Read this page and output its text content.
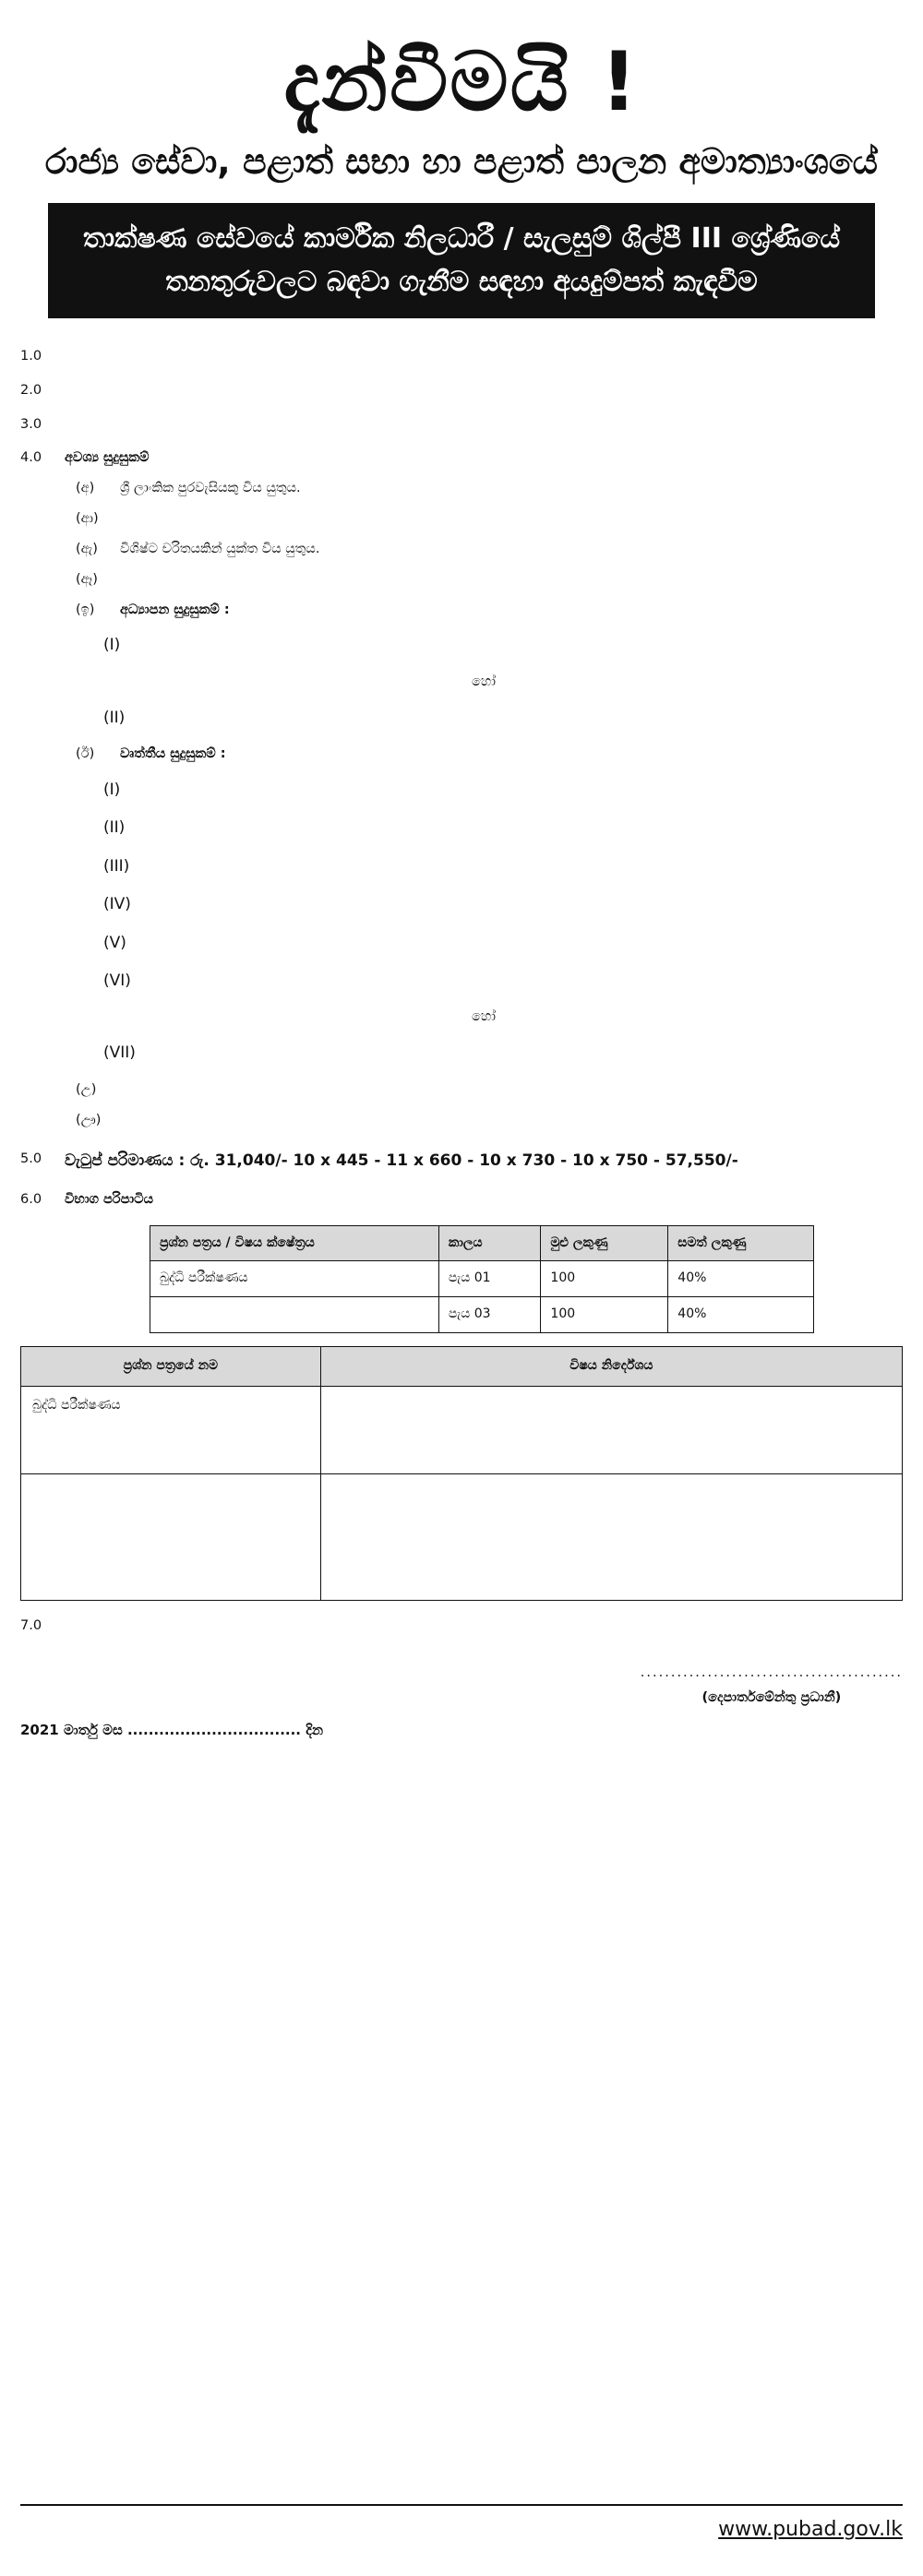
දැන්වීමයි !
රාජ්‍ය සේවා, පළාත් සභා හා පළාත් පාලන අමාත්‍යාංශයේ
තාක්ෂණ සේවයේ කාර්මික නිලධාරී / සැලසුම් ශිල්පී III ශ්‍රේණියේ
තනතුරුවලට බඳවා ගැනීම සඳහා අයදුම්පත් කැඳවීම
1.0
2.0
3.0
4.0	අවශ්‍ය සුදුසුකම්
(අ)	ශ්‍රී ලාංකික පුරවැසියකු විය යුතුය.
(ආ)
(ඇ)	විශිෂ්ට චරිතයකින් යුක්ත විය යුතුය.
(ඈ)
(ඉ)	අධ්‍යාපන සුදුසුකම් :
(I)
හෝ
(II)
(ඊ)	වෘත්තීය සුදුසුකම් :
(I)
(II)
(III)
(IV)
(V)
(VI)
හෝ
(VII)
(උ)
(ඌ)
5.0	වැටුප් පරිමාණය : රු. 31,040/- 10 x 445 - 11 x 660 - 10 x 730 - 10 x 750 - 57,550/-
6.0	විභාග පරිපාටිය
ප්‍රශ්න පත්‍රය / විෂය ක්ෂේත්‍රය	කාලය	මුළු ලකුණු	සමත් ලකුණු
බුද්ධි පරීක්ෂණය	පැය 01	100	40%
	පැය 03	100	40%
ප්‍රශ්න පත්‍රයේ නම	විෂය නිර්දේශය
බුද්ධි පරීක්ෂණය	

7.0
...........................................
(දෙපාර්තමේන්තු ප්‍රධානී)
2021 මාර්තු මස ................................. දින
www.pubad.gov.lk
